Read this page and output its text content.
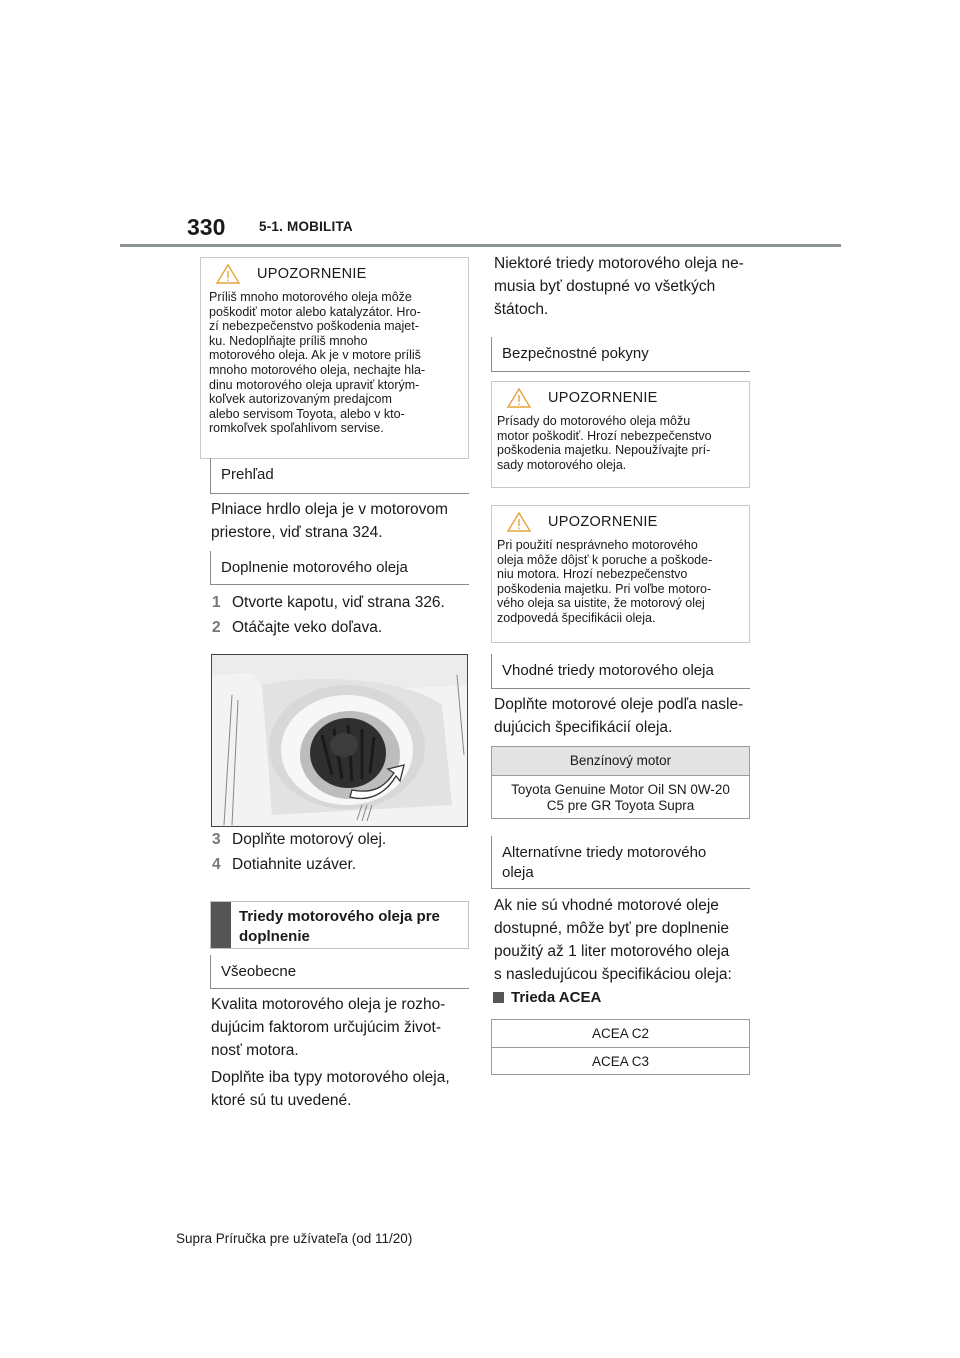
330 5-1. MOBILITA
UPOZORNENIE
Príliš mnoho motorového oleja môže
poškodiť motor alebo katalyzátor. Hro-
zí nebezpečenstvo poškodenia majet-
ku. Nedoplňajte príliš mnoho
motorového oleja. Ak je v motore príliš
mnoho motorového oleja, nechajte hla-
dinu motorového oleja upraviť ktorým-
koľvek autorizovaným predajcom
alebo servisom Toyota, alebo v kto-
romkoľvek spoľahlivom servise.
Prehľad
Plniace hrdlo oleja je v motorovom
priestore, viď strana 324.
Doplnenie motorového oleja
1 Otvorte kapotu, viď strana 326.
2 Otáčajte veko doľava.
3 Doplňte motorový olej.
4 Dotiahnite uzáver.
Triedy motorového oleja pre
doplnenie
Všeobecne
Kvalita motorového oleja je rozho-
dujúcim faktorom určujúcim život-
nosť motora.
Doplňte iba typy motorového oleja,
ktoré sú tu uvedené.
Niektoré triedy motorového oleja ne-
musia byť dostupné vo všetkých
štátoch.
Bezpečnostné pokyny
UPOZORNENIE
Prísady do motorového oleja môžu
motor poškodiť. Hrozí nebezpečenstvo
poškodenia majetku. Nepoužívajte prí-
sady motorového oleja.
UPOZORNENIE
Pri použití nesprávneho motorového
oleja môže dôjsť k poruche a poškode-
niu motora. Hrozí nebezpečenstvo
poškodenia majetku. Pri voľbe motoro-
vého oleja sa uistite, že motorový olej
zodpovedá špecifikácii oleja.
Vhodné triedy motorového oleja
Doplňte motorové oleje podľa nasle-
dujúcich špecifikácií oleja.
Benzínový motor
Toyota Genuine Motor Oil SN 0W-20
C5 pre GR Toyota Supra
Alternatívne triedy motorového
oleja
Ak nie sú vhodné motorové oleje
dostupné, môže byť pre doplnenie
použitý až 1 liter motorového oleja
s nasledujúcou špecifikáciou oleja:
Trieda ACEA
ACEA C2
ACEA C3
Supra Príručka pre užívateľa (od 11/20)
